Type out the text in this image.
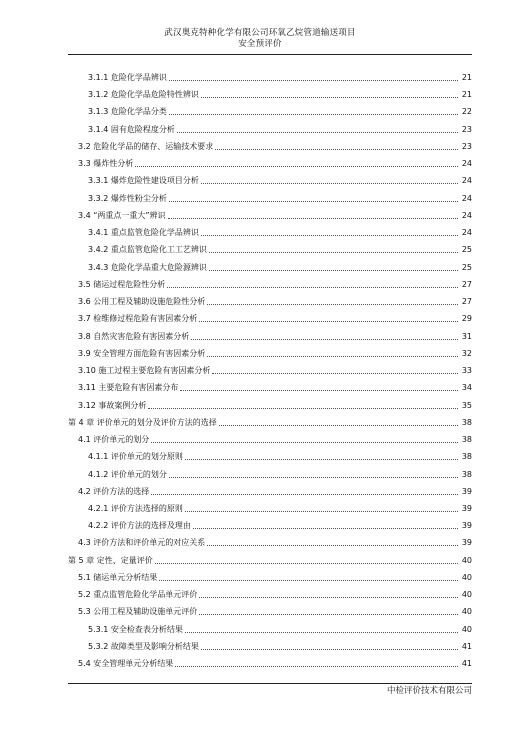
武汉奥克特种化学有限公司环氧乙烷管道输送项目
安全预评价
3.1.1 危险化学品辨识	21
3.1.2 危险化学品危险特性辨识	21
3.1.3 危险化学品分类	22
3.1.4 固有危险程度分析	23
3.2 危险化学品的储存、运输技术要求	23
3.3 爆炸性分析	24
3.3.1 爆炸危险性建设项目分析	24
3.3.2 爆炸性粉尘分析	24
3.4 “两重点一重大”辨识	24
3.4.1 重点监管危险化学品辨识	24
3.4.2 重点监管危险化工工艺辨识	25
3.4.3 危险化学品重大危险源辨识	25
3.5 储运过程危险性分析	27
3.6 公用工程及辅助设施危险性分析	27
3.7 检维修过程危险有害因素分析	29
3.8 自然灾害危险有害因素分析	31
3.9 安全管理方面危险有害因素分析	32
3.10 施工过程主要危险有害因素分析	33
3.11 主要危险有害因素分布	34
3.12 事故案例分析	35
第 4 章 评价单元的划分及评价方法的选择	38
4.1 评价单元的划分	38
4.1.1 评价单元的划分原则	38
4.1.2 评价单元的划分	38
4.2 评价方法的选择	39
4.2.1 评价方法选择的原则	39
4.2.2 评价方法的选择及理由	39
4.3 评价方法和评价单元的对应关系	39
第 5 章 定性、定量评价	40
5.1 储运单元分析结果	40
5.2 重点监管危险化学品单元评价	40
5.3 公用工程及辅助设施单元评价	40
5.3.1 安全检查表分析结果	40
5.3.2 故障类型及影响分析结果	41
5.4 安全管理单元分析结果	41
中检评价技术有限公司
